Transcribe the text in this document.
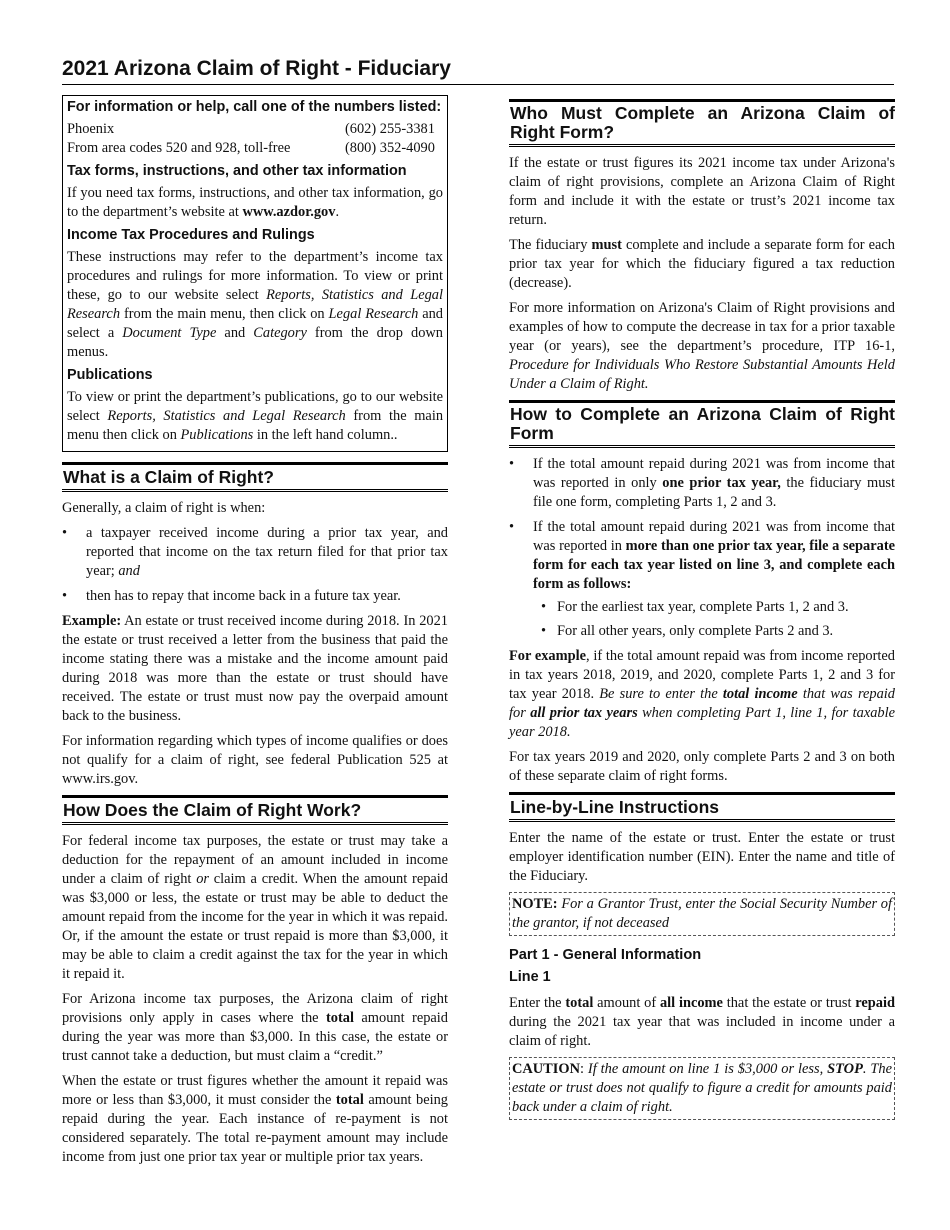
2021 Arizona Claim of Right - Fiduciary
For information or help, call one of the numbers listed:
Phoenix	(602) 255-3381
From area codes 520 and 928, toll-free	(800) 352-4090
Tax forms, instructions, and other tax information

If you need tax forms, instructions, and other tax information, go to the department’s website at www.azdor.gov.

Income Tax Procedures and Rulings

These instructions may refer to the department’s income tax procedures and rulings for more information. To view or print these, go to our website select Reports, Statistics and Legal Research from the main menu, then click on Legal Research and select a Document Type and Category from the drop down menus.

Publications

To view or print the department’s publications, go to our website select Reports, Statistics and Legal Research from the main menu then click on Publications in the left hand column..

What is a Claim of Right?

Generally, a claim of right is when:

• a taxpayer received income during a prior tax year, and reported that income on the tax return filed for that prior tax year; and
• then has to repay that income back in a future tax year.

Example: An estate or trust received income during 2018. In 2021 the estate or trust received a letter from the business that paid the income stating there was a mistake and the income amount paid during 2018 was more than the estate or trust should have received. The estate or trust must now pay the overpaid amount back to the business.

For information regarding which types of income qualifies or does not qualify for a claim of right, see federal Publication 525 at www.irs.gov.

How Does the Claim of Right Work?

For federal income tax purposes, the estate or trust may take a deduction for the repayment of an amount included in income under a claim of right or claim a credit. When the amount repaid was $3,000 or less, the estate or trust may be able to deduct the amount repaid from the income for the year in which it was repaid. Or, if the amount the estate or trust repaid is more than $3,000, it may be able to claim a credit against the tax for the year in which it repaid it.

For Arizona income tax purposes, the Arizona claim of right provisions only apply in cases where the total amount repaid during the year was more than $3,000. In this case, the estate or trust cannot take a deduction, but must claim a “credit.”

When the estate or trust figures whether the amount it repaid was more or less than $3,000, it must consider the total amount being repaid during the year. Each instance of re-payment is not considered separately. The total re-payment amount may include income from just one prior tax year or multiple prior tax years.

Who Must Complete an Arizona Claim of Right Form?

If the estate or trust figures its 2021 income tax under Arizona's claim of right provisions, complete an Arizona Claim of Right form and include it with the estate or trust’s 2021 income tax return.

The fiduciary must complete and include a separate form for each prior tax year for which the fiduciary figured a tax reduction (decrease).

For more information on Arizona's Claim of Right provisions and examples of how to compute the decrease in tax for a prior taxable year (or years), see the department’s procedure, ITP 16-1, Procedure for Individuals Who Restore Substantial Amounts Held Under a Claim of Right.

How to Complete an Arizona Claim of Right Form
• If the total amount repaid during 2021 was from income that was reported in only one prior tax year, the fiduciary must file one form, completing Parts 1, 2 and 3.
• If the total amount repaid during 2021 was from income that was reported in more than one prior tax year, file a separate form for each tax year listed on line 3, and complete each form as follows:
• For the earliest tax year, complete Parts 1, 2 and 3.
• For all other years, only complete Parts 2 and 3.

For example, if the total amount repaid was from income reported in tax years 2018, 2019, and 2020, complete Parts 1, 2 and 3 for tax year 2018. Be sure to enter the total income that was repaid for all prior tax years when completing Part 1, line 1, for taxable year 2018.

For tax years 2019 and 2020, only complete Parts 2 and 3 on both of these separate claim of right forms.

Line-by-Line Instructions

Enter the name of the estate or trust. Enter the estate or trust employer identification number (EIN). Enter the name and title of the Fiduciary.

NOTE: For a Grantor Trust, enter the Social Security Number of the grantor, if not deceased

Part 1 - General Information
Line 1

Enter the total amount of all income that the estate or trust repaid during the 2021 tax year that was included in income under a claim of right.

CAUTION: If the amount on line 1 is $3,000 or less, STOP. The estate or trust does not qualify to figure a credit for amounts paid back under a claim of right.
